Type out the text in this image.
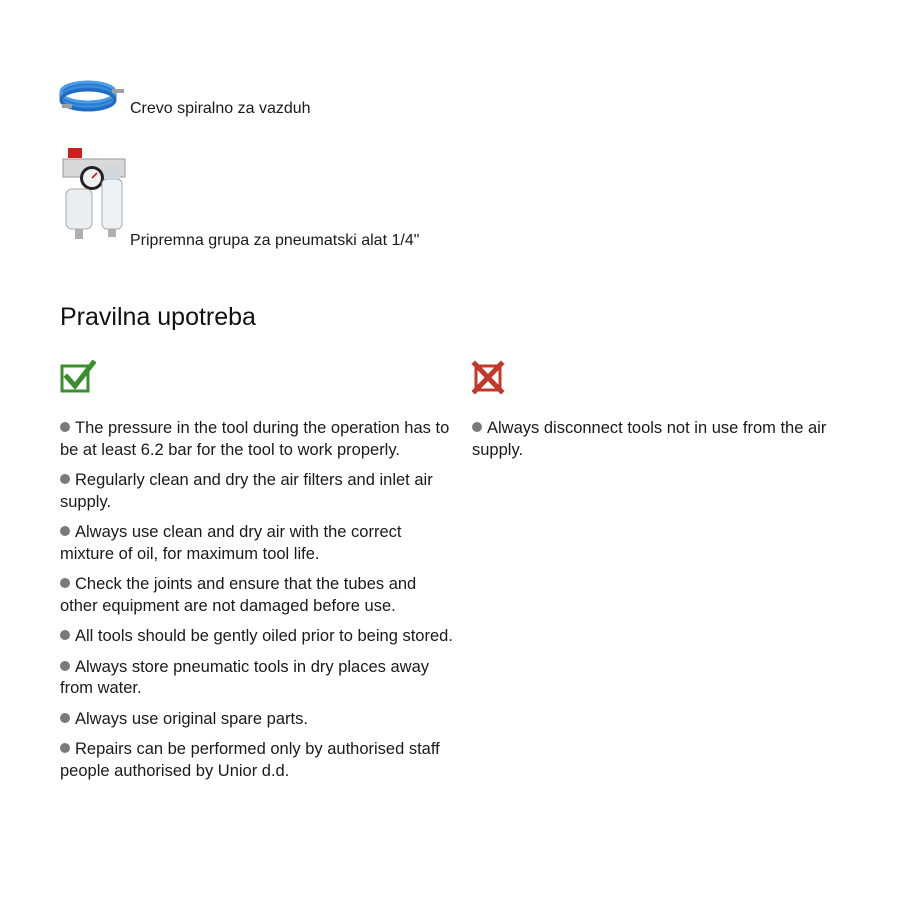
Crevo spiralno za vazduh
Pripremna grupa za pneumatski alat 1/4"
Pravilna upotreba
The pressure in the tool during the operation has to be at least 6.2 bar for the tool to work properly.
Regularly clean and dry the air filters and inlet air supply.
Always use clean and dry air with the correct mixture of oil, for maximum tool life.
Check the joints and ensure that the tubes and other equipment are not damaged before use.
All tools should be gently oiled prior to being stored.
Always store pneumatic tools in dry places away from water.
Always use original spare parts.
Repairs can be performed only by authorised staff people authorised by Unior d.d.
Always disconnect tools not in use from the air supply.
